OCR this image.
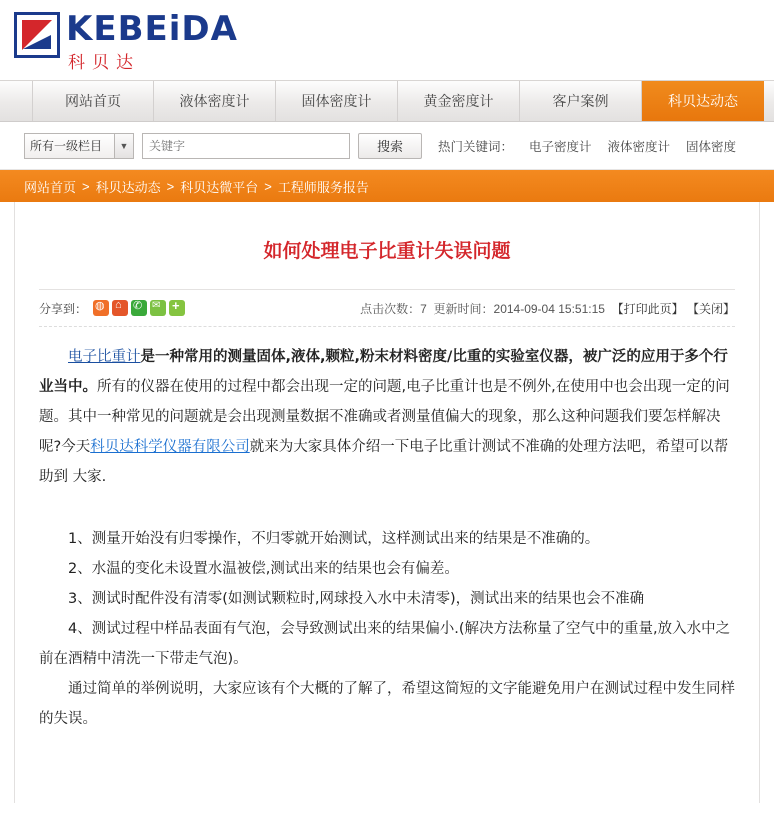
KEBEiDA
科贝达
网站首页	液体密度计	固体密度计	黄金密度计	客户案例	科贝达动态
所有一级栏目	▼
关键字	搜索	热门关键词： 电子密度计 液体密度计 固体密度
网站首页 > 科贝达动态 > 科贝达微平台 > 工程师服务报告
如何处理电子比重计失误问题
分享到： ◍ ⌂ ✆ ✉ +	点击次数：7 更新时间：2014-09-04 15:51:15 【打印此页】 【关闭】

电子比重计是一种常用的测量固体,液体,颗粒,粉末材料密度/比重的实验室仪器，被广泛的应用于多个行业当中。所有的仪器在使用的过程中都会出现一定的问题,电子比重计也是不例外,在使用中也会出现一定的问题。其中一种常见的问题就是会出现测量数据不准确或者测量值偏大的现象，那么这种问题我们要怎样解决呢?今天科贝达科学仪器有限公司就来为大家具体介绍一下电子比重计测试不准确的处理方法吧，希望可以帮助到 大家.

1、测量开始没有归零操作，不归零就开始测试，这样测试出来的结果是不准确的。

2、水温的变化未设置水温被偿,测试出来的结果也会有偏差。

3、测试时配件没有清零(如测试颗粒时,网球投入水中未清零)，测试出来的结果也会不准确

4、测试过程中样品表面有气泡，会导致测试出来的结果偏小.(解决方法称量了空气中的重量,放入水中之前在酒精中清洗一下带走气泡)。

通过简单的举例说明，大家应该有个大概的了解了，希望这简短的文字能避免用户在测试过程中发生同样的失误。
